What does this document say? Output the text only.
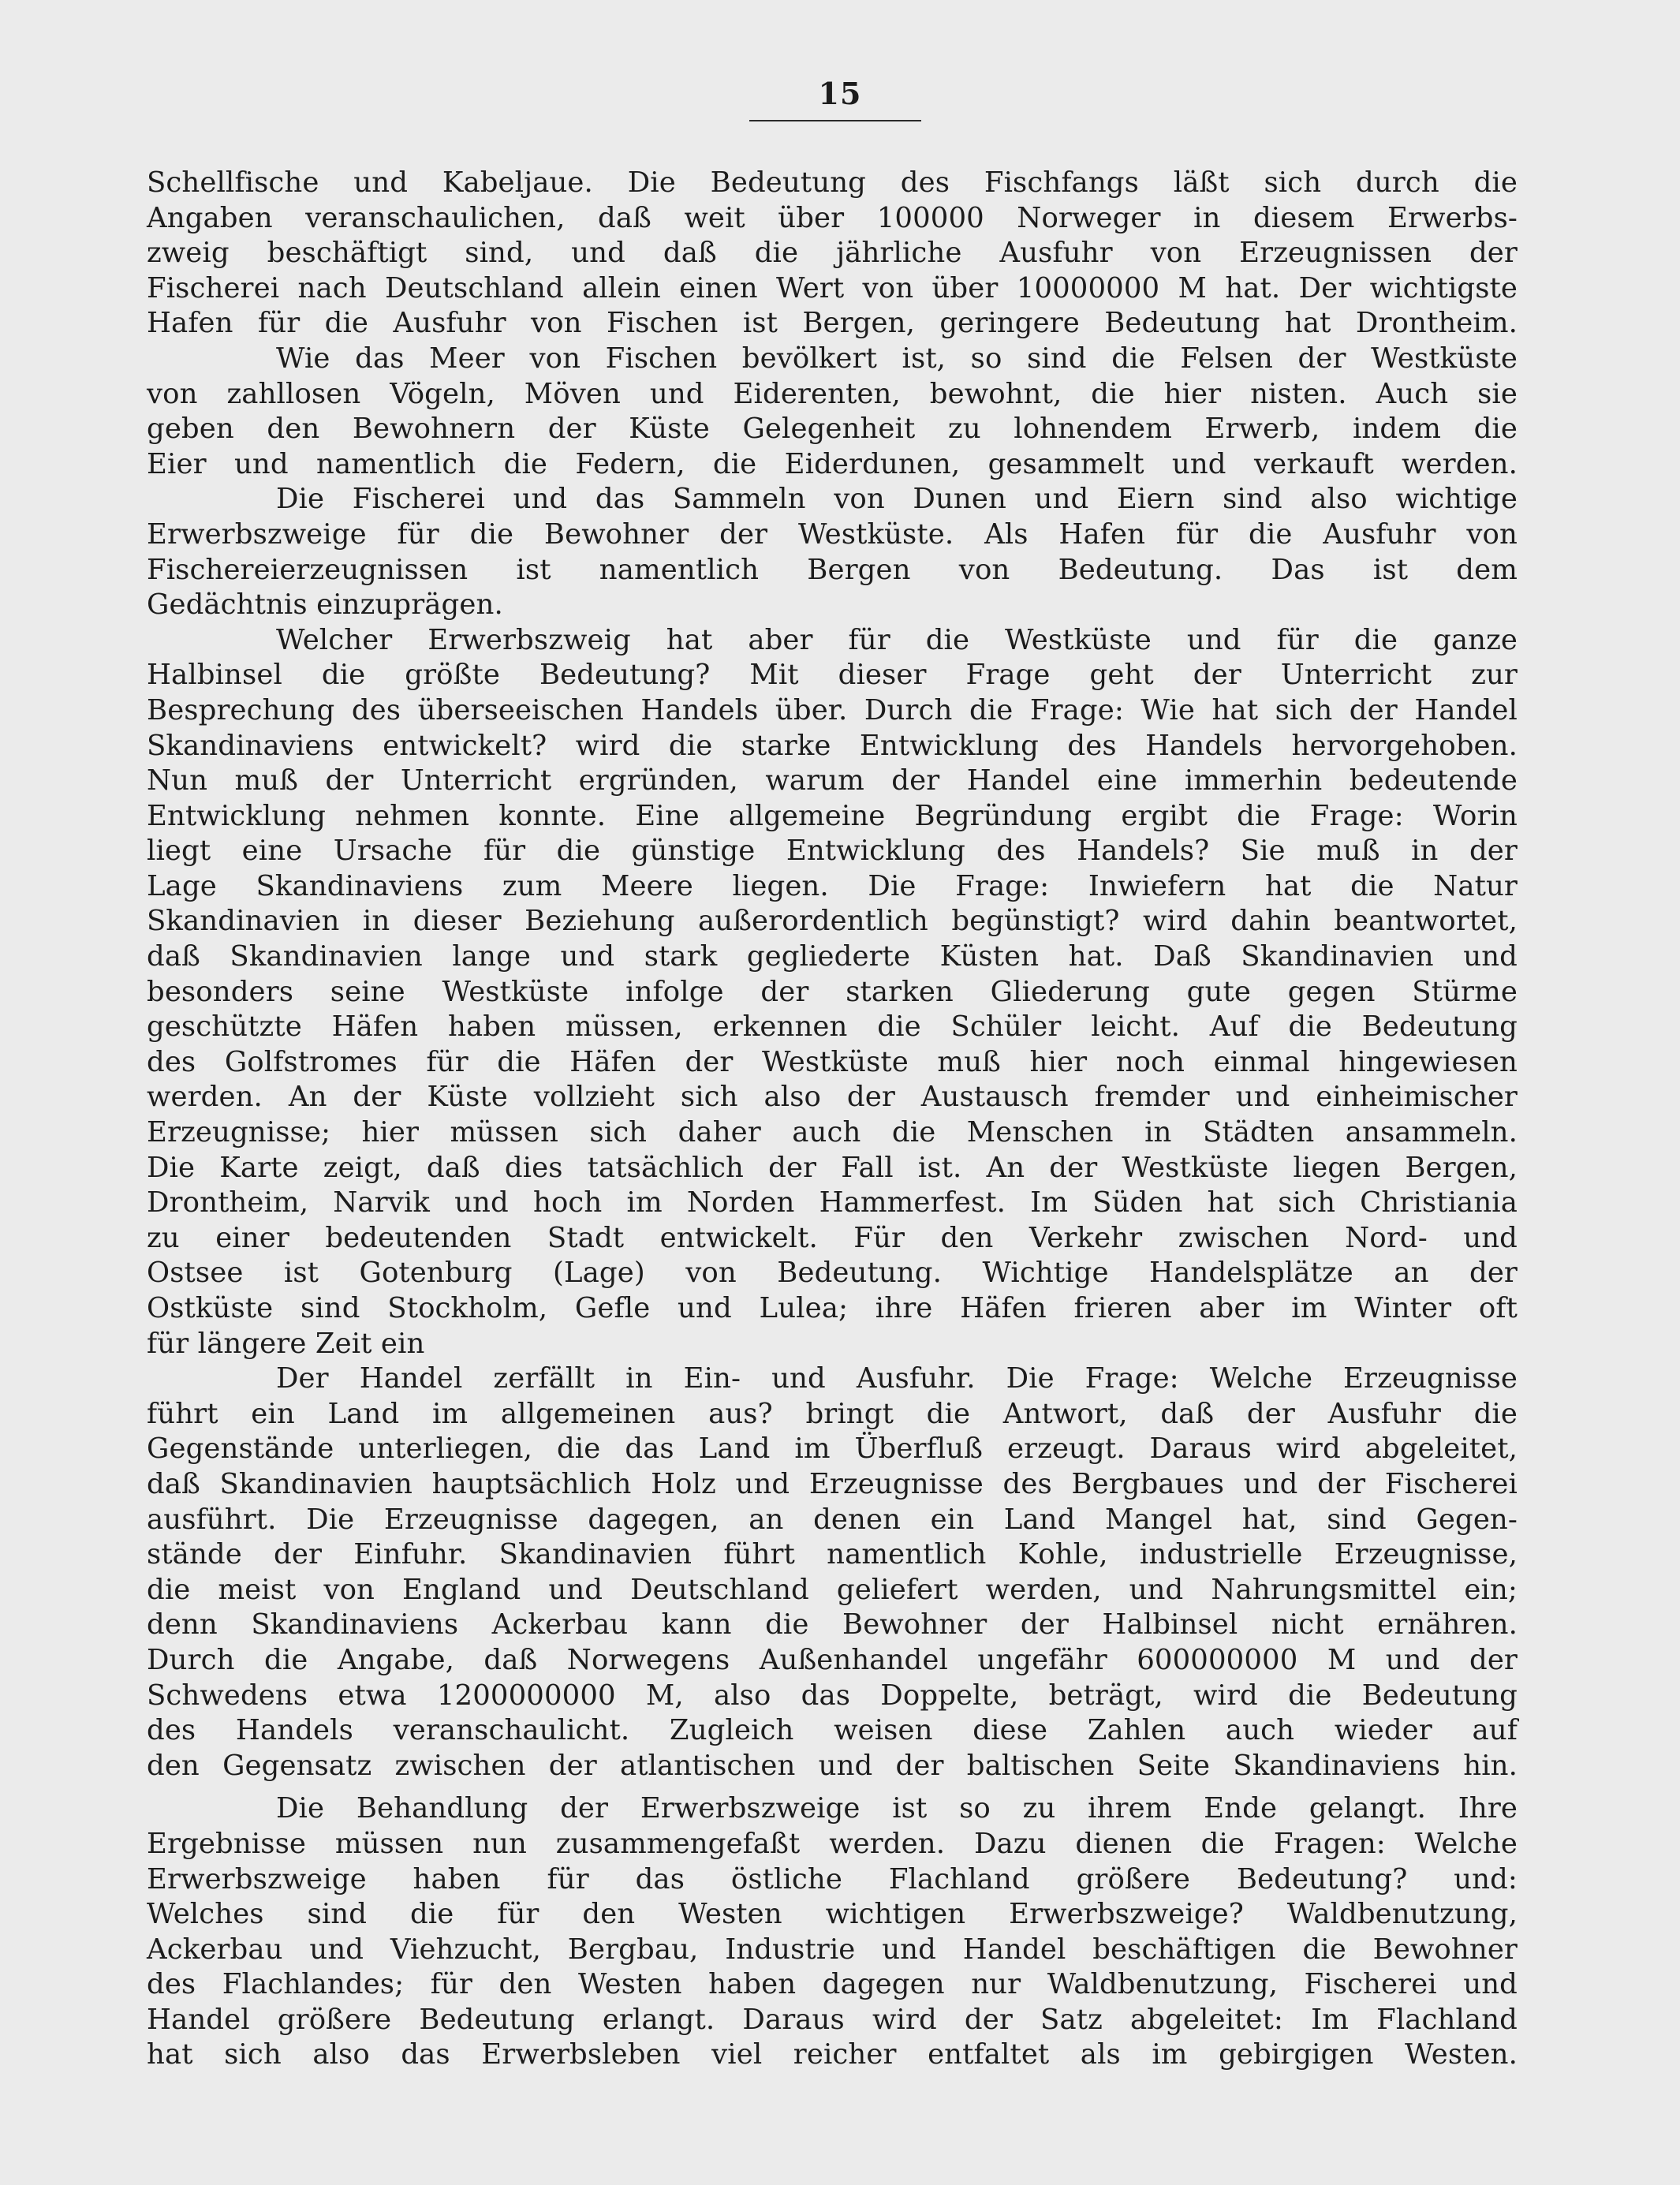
15
Schellfische und Kabeljaue. Die Bedeutung des Fischfangs läßt sich durch die
Angaben veranschaulichen, daß weit über 100000 Norweger in diesem Erwerbs-
zweig beschäftigt sind, und daß die jährliche Ausfuhr von Erzeugnissen der
Fischerei nach Deutschland allein einen Wert von über 10000000 M hat. Der wichtigste
Hafen für die Ausfuhr von Fischen ist Bergen, geringere Bedeutung hat Drontheim.
Wie das Meer von Fischen bevölkert ist, so sind die Felsen der Westküste
von zahllosen Vögeln, Möven und Eiderenten, bewohnt, die hier nisten. Auch sie
geben den Bewohnern der Küste Gelegenheit zu lohnendem Erwerb, indem die
Eier und namentlich die Federn, die Eiderdunen, gesammelt und verkauft werden.
Die Fischerei und das Sammeln von Dunen und Eiern sind also wichtige
Erwerbszweige für die Bewohner der Westküste. Als Hafen für die Ausfuhr von
Fischereierzeugnissen ist namentlich Bergen von Bedeutung. Das ist dem
Gedächtnis einzuprägen.
Welcher Erwerbszweig hat aber für die Westküste und für die ganze
Halbinsel die größte Bedeutung? Mit dieser Frage geht der Unterricht zur
Besprechung des überseeischen Handels über. Durch die Frage: Wie hat sich der Handel
Skandinaviens entwickelt? wird die starke Entwicklung des Handels hervorgehoben.
Nun muß der Unterricht ergründen, warum der Handel eine immerhin bedeutende
Entwicklung nehmen konnte. Eine allgemeine Begründung ergibt die Frage: Worin
liegt eine Ursache für die günstige Entwicklung des Handels? Sie muß in der
Lage Skandinaviens zum Meere liegen. Die Frage: Inwiefern hat die Natur
Skandinavien in dieser Beziehung außerordentlich begünstigt? wird dahin beantwortet,
daß Skandinavien lange und stark gegliederte Küsten hat. Daß Skandinavien und
besonders seine Westküste infolge der starken Gliederung gute gegen Stürme
geschützte Häfen haben müssen, erkennen die Schüler leicht. Auf die Bedeutung
des Golfstromes für die Häfen der Westküste muß hier noch einmal hingewiesen
werden. An der Küste vollzieht sich also der Austausch fremder und einheimischer
Erzeugnisse; hier müssen sich daher auch die Menschen in Städten ansammeln.
Die Karte zeigt, daß dies tatsächlich der Fall ist. An der Westküste liegen Bergen,
Drontheim, Narvik und hoch im Norden Hammerfest. Im Süden hat sich Christiania
zu einer bedeutenden Stadt entwickelt. Für den Verkehr zwischen Nord- und
Ostsee ist Gotenburg (Lage) von Bedeutung. Wichtige Handelsplätze an der
Ostküste sind Stockholm, Gefle und Lulea; ihre Häfen frieren aber im Winter oft
für längere Zeit ein
Der Handel zerfällt in Ein- und Ausfuhr. Die Frage: Welche Erzeugnisse
führt ein Land im allgemeinen aus? bringt die Antwort, daß der Ausfuhr die
Gegenstände unterliegen, die das Land im Überfluß erzeugt. Daraus wird abgeleitet,
daß Skandinavien hauptsächlich Holz und Erzeugnisse des Bergbaues und der Fischerei
ausführt. Die Erzeugnisse dagegen, an denen ein Land Mangel hat, sind Gegen-
stände der Einfuhr. Skandinavien führt namentlich Kohle, industrielle Erzeugnisse,
die meist von England und Deutschland geliefert werden, und Nahrungsmittel ein;
denn Skandinaviens Ackerbau kann die Bewohner der Halbinsel nicht ernähren.
Durch die Angabe, daß Norwegens Außenhandel ungefähr 600000000 M und der
Schwedens etwa 1200000000 M, also das Doppelte, beträgt, wird die Bedeutung
des Handels veranschaulicht. Zugleich weisen diese Zahlen auch wieder auf
den Gegensatz zwischen der atlantischen und der baltischen Seite Skandinaviens hin.
Die Behandlung der Erwerbszweige ist so zu ihrem Ende gelangt. Ihre
Ergebnisse müssen nun zusammengefaßt werden. Dazu dienen die Fragen: Welche
Erwerbszweige haben für das östliche Flachland größere Bedeutung? und:
Welches sind die für den Westen wichtigen Erwerbszweige? Waldbenutzung,
Ackerbau und Viehzucht, Bergbau, Industrie und Handel beschäftigen die Bewohner
des Flachlandes; für den Westen haben dagegen nur Waldbenutzung, Fischerei und
Handel größere Bedeutung erlangt. Daraus wird der Satz abgeleitet: Im Flachland
hat sich also das Erwerbsleben viel reicher entfaltet als im gebirgigen Westen.
